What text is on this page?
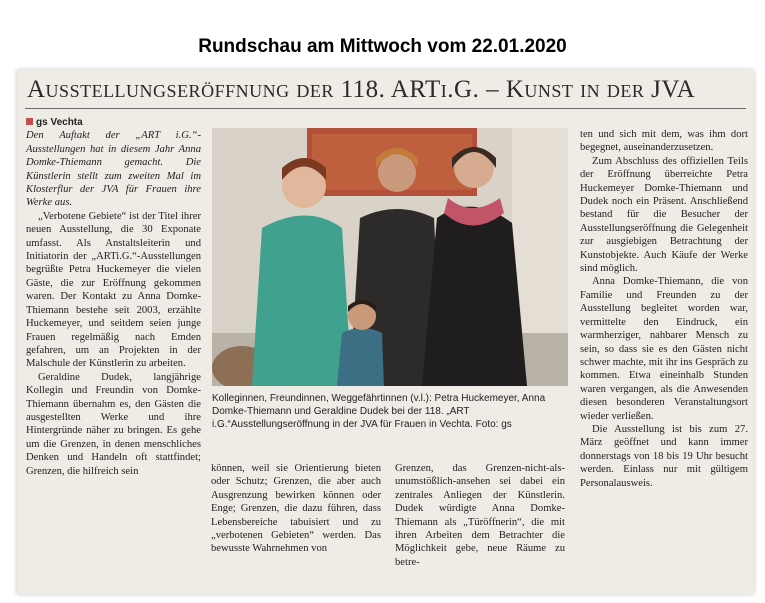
Rundschau am Mittwoch vom 22.01.2020
Ausstellungseröffnung der 118. ARTi.G. – Kunst in der JVA
gs Vechta

Den Auftakt der „ART i.G.“-Ausstellungen hat in diesem Jahr Anna Domke-Thiemann gemacht. Die Künstlerin stellt zum zweiten Mal im Klosterflur der JVA für Frauen ihre Werke aus.

„Verbotene Gebiete“ ist der Titel ihrer neuen Ausstellung, die 30 Exponate umfasst. Als Anstaltsleiterin und Initiatorin der „ARTi.G.“-Ausstellungen begrüßte Petra Huckemeyer die vielen Gäste, die zur Eröffnung gekommen waren. Der Kontakt zu Anna Domke-Thiemann bestehe seit 2003, erzählte Huckemeyer, und seitdem seien junge Frauen regelmäßig nach Emden gefahren, um an Projekten in der Malschule der Künstlerin zu arbeiten.

Geraldine Dudek, langjährige Kollegin und Freundin von Domke-Thiemann übernahm es, den Gästen die ausgestellten Werke und ihre Hintergründe näher zu bringen. Es gehe um die Grenzen, in denen menschliches Denken und Handeln oft stattfindet; Grenzen, die hilfreich sein

Kolleginnen, Freundinnen, Weggefährtinnen (v.l.): Petra Huckemeyer, Anna Domke-Thiemann und Geraldine Dudek bei der 118. „ART i.G.“Ausstellungseröffnung in der JVA für Frauen in Vechta. Foto: gs

können, weil sie Orientierung bieten oder Schutz; Grenzen, die aber auch Ausgrenzung bewirken können oder Enge; Grenzen, die dazu führen, dass Lebensbereiche tabuisiert und zu „verbotenen Gebieten“ werden. Das bewusste Wahrnehmen von

Grenzen, das Grenzen-nicht-als-unumstößlich-ansehen sei dabei ein zentrales Anliegen der Künstlerin. Dudek würdigte Anna Domke-Thiemann als „Türöffnerin“, die mit ihren Arbeiten dem Betrachter die Möglichkeit gebe, neue Räume zu betre-

ten und sich mit dem, was ihm dort begegnet, auseinanderzusetzen.

Zum Abschluss des offiziellen Teils der Eröffnung überreichte Petra Huckemeyer Domke-Thiemann und Dudek noch ein Präsent. Anschließend bestand für die Besucher der Ausstellungseröffnung die Gelegenheit zur ausgiebigen Betrachtung der Kunstobjekte. Auch Käufe der Werke sind möglich.

Anna Domke-Thiemann, die von Familie und Freunden zu der Ausstellung begleitet worden war, vermittelte den Eindruck, ein warmherziger, nahbarer Mensch zu sein, so dass sie es den Gästen nicht schwer machte, mit ihr ins Gespräch zu kommen. Etwa eineinhalb Stunden waren vergangen, als die Anwesenden diesen besonderen Veranstaltungsort wieder verließen.

Die Ausstellung ist bis zum 27. März geöffnet und kann immer donnerstags von 18 bis 19 Uhr besucht werden. Einlass nur mit gültigem Personalausweis.
